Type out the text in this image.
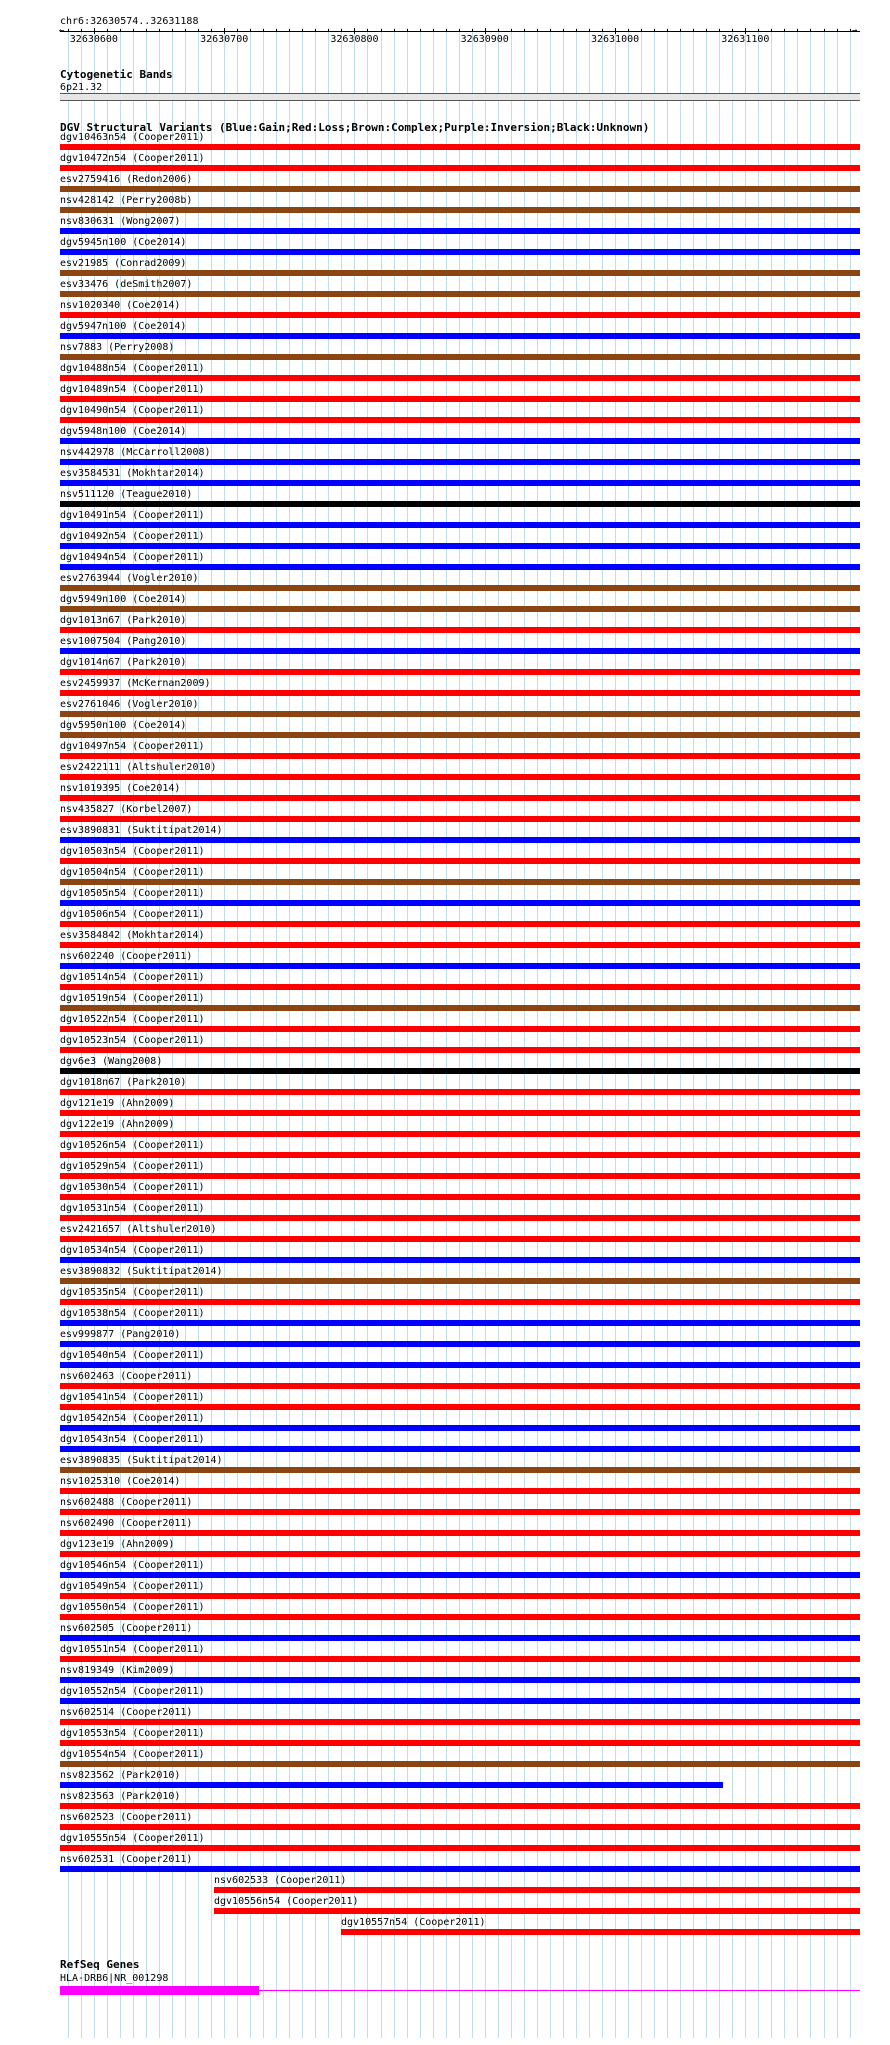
chr6:32630574..32631188
←	→
32630600	32630700	32630800	32630900	32631000	32631100
Cytogenetic Bands
6p21.32
DGV Structural Variants (Blue:Gain;Red:Loss;Brown:Complex;Purple:Inversion;Black:Unknown)
dgv10463n54 (Cooper2011)
dgv10472n54 (Cooper2011)
esv2759416 (Redon2006)
nsv428142 (Perry2008b)
nsv830631 (Wong2007)
dgv5945n100 (Coe2014)
esv21985 (Conrad2009)
esv33476 (deSmith2007)
nsv1020340 (Coe2014)
dgv5947n100 (Coe2014)
nsv7883 (Perry2008)
dgv10488n54 (Cooper2011)
dgv10489n54 (Cooper2011)
dgv10490n54 (Cooper2011)
dgv5948n100 (Coe2014)
nsv442978 (McCarroll2008)
esv3584531 (Mokhtar2014)
nsv511120 (Teague2010)
dgv10491n54 (Cooper2011)
dgv10492n54 (Cooper2011)
dgv10494n54 (Cooper2011)
esv2763944 (Vogler2010)
dgv5949n100 (Coe2014)
dgv1013n67 (Park2010)
esv1007504 (Pang2010)
dgv1014n67 (Park2010)
esv2459937 (McKernan2009)
esv2761046 (Vogler2010)
dgv5950n100 (Coe2014)
dgv10497n54 (Cooper2011)
esv2422111 (Altshuler2010)
nsv1019395 (Coe2014)
nsv435827 (Korbel2007)
esv3890831 (Suktitipat2014)
dgv10503n54 (Cooper2011)
dgv10504n54 (Cooper2011)
dgv10505n54 (Cooper2011)
dgv10506n54 (Cooper2011)
esv3584842 (Mokhtar2014)
nsv602240 (Cooper2011)
dgv10514n54 (Cooper2011)
dgv10519n54 (Cooper2011)
dgv10522n54 (Cooper2011)
dgv10523n54 (Cooper2011)
dgv6e3 (Wang2008)
dgv1018n67 (Park2010)
dgv121e19 (Ahn2009)
dgv122e19 (Ahn2009)
dgv10526n54 (Cooper2011)
dgv10529n54 (Cooper2011)
dgv10530n54 (Cooper2011)
dgv10531n54 (Cooper2011)
esv2421657 (Altshuler2010)
dgv10534n54 (Cooper2011)
esv3890832 (Suktitipat2014)
dgv10535n54 (Cooper2011)
dgv10538n54 (Cooper2011)
esv999877 (Pang2010)
dgv10540n54 (Cooper2011)
nsv602463 (Cooper2011)
dgv10541n54 (Cooper2011)
dgv10542n54 (Cooper2011)
dgv10543n54 (Cooper2011)
esv3890835 (Suktitipat2014)
nsv1025310 (Coe2014)
nsv602488 (Cooper2011)
nsv602490 (Cooper2011)
dgv123e19 (Ahn2009)
dgv10546n54 (Cooper2011)
dgv10549n54 (Cooper2011)
dgv10550n54 (Cooper2011)
nsv602505 (Cooper2011)
dgv10551n54 (Cooper2011)
nsv819349 (Kim2009)
dgv10552n54 (Cooper2011)
nsv602514 (Cooper2011)
dgv10553n54 (Cooper2011)
dgv10554n54 (Cooper2011)
nsv823562 (Park2010)
nsv823563 (Park2010)
nsv602523 (Cooper2011)
dgv10555n54 (Cooper2011)
nsv602531 (Cooper2011)
nsv602533 (Cooper2011)
dgv10556n54 (Cooper2011)
dgv10557n54 (Cooper2011)
RefSeq Genes
HLA-DRB6|NR_001298
